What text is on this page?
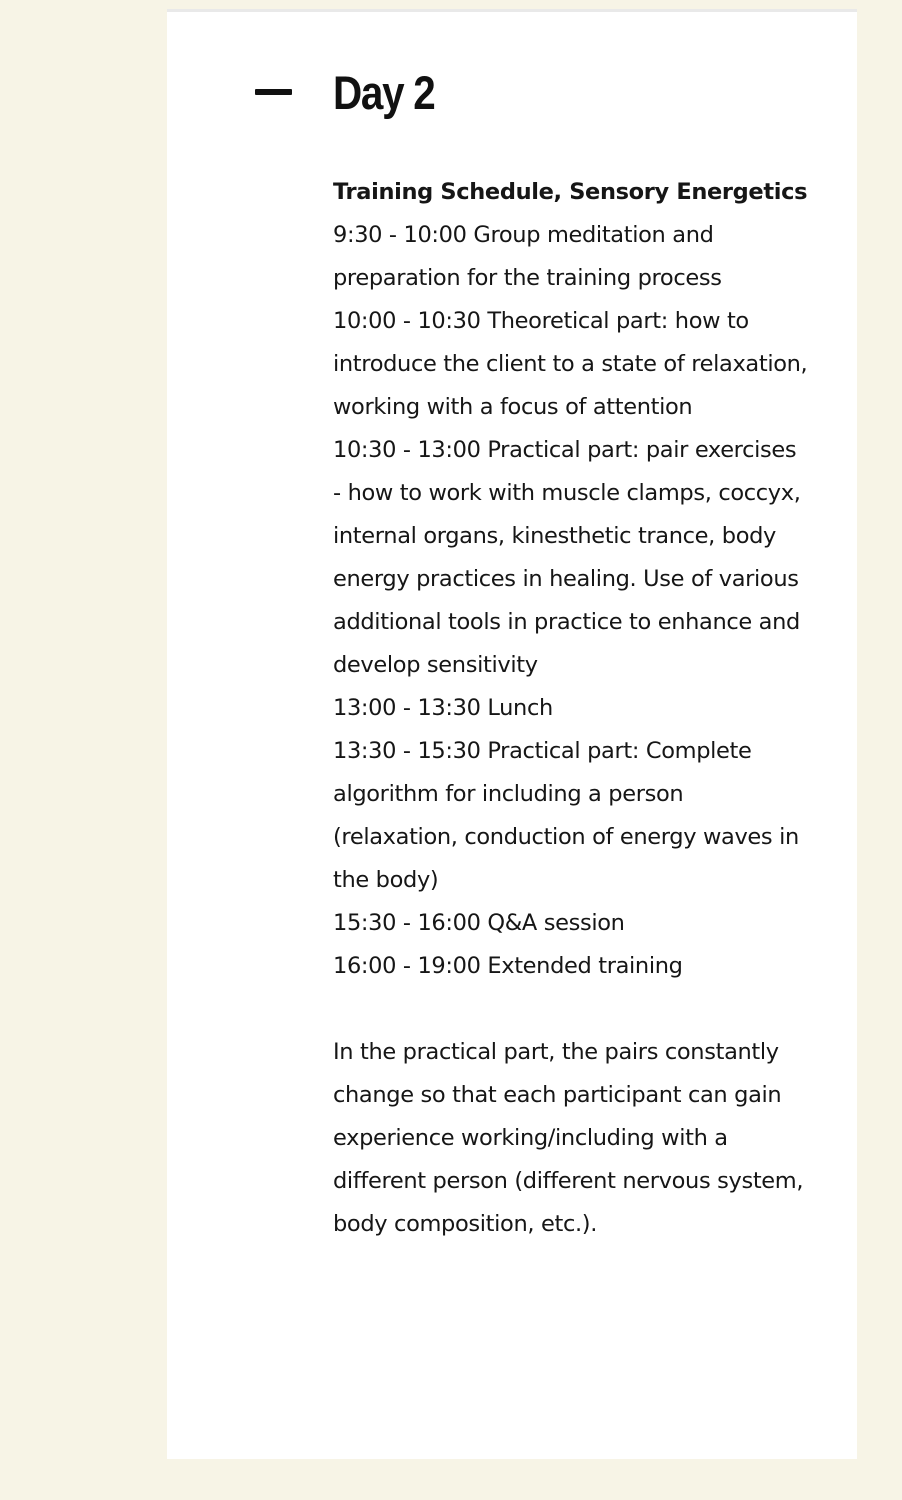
Day 2

Training Schedule, Sensory Energetics

9:30 - 10:00 Group meditation and preparation for the training process
10:00 - 10:30 Theoretical part: how to introduce the client to a state of relaxation, working with a focus of attention
10:30 - 13:00 Practical part: pair exercises - how to work with muscle clamps, coccyx, internal organs, kinesthetic trance, body energy practices in healing. Use of various additional tools in practice to enhance and develop sensitivity
13:00 - 13:30 Lunch
13:30 - 15:30 Practical part: Complete algorithm for including a person (relaxation, conduction of energy waves in the body)
15:30 - 16:00 Q&A session
16:00 - 19:00 Extended training

In the practical part, the pairs constantly change so that each participant can gain experience working/including with a different person (different nervous system, body composition, etc.).
